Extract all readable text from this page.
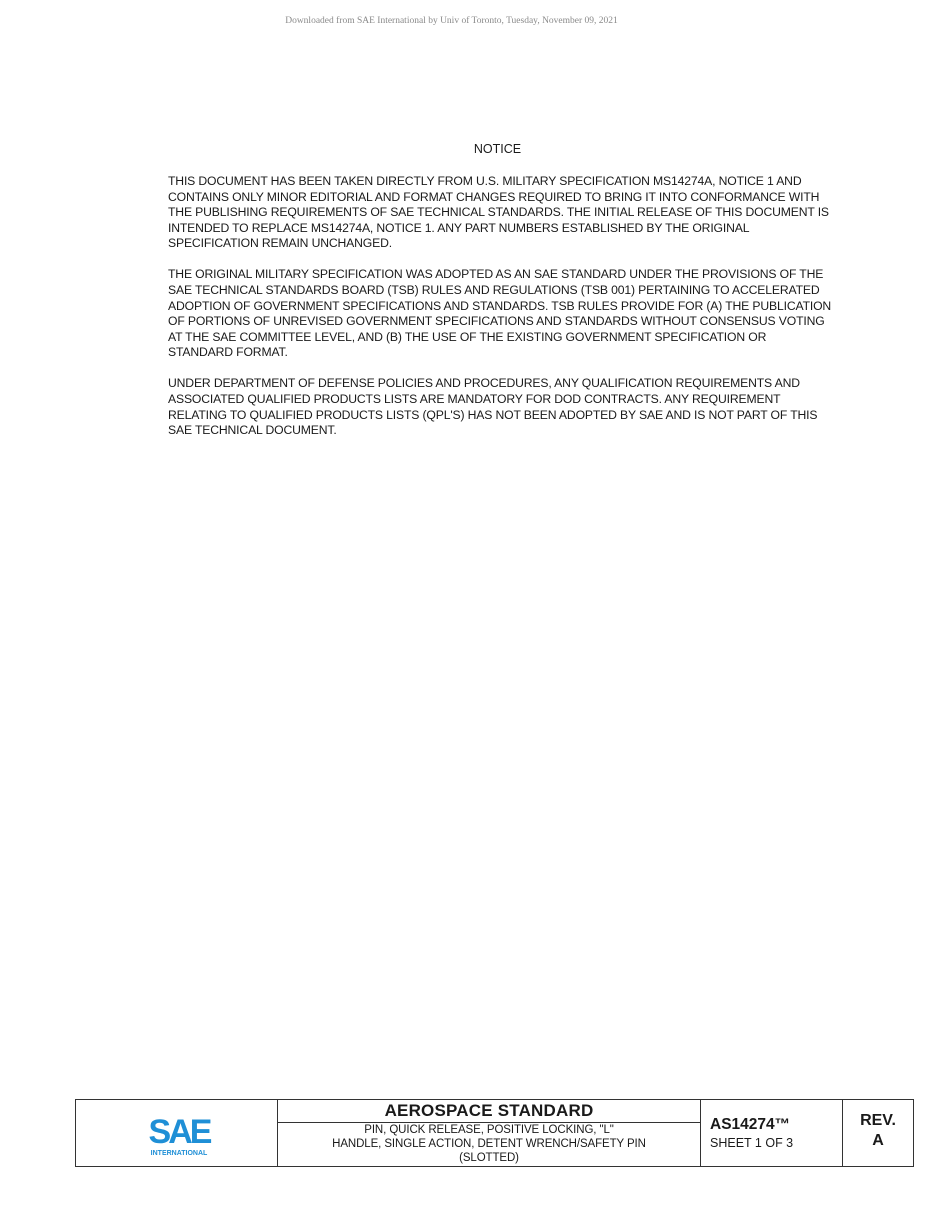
Downloaded from SAE International by Univ of Toronto, Tuesday, November 09, 2021
NOTICE

THIS DOCUMENT HAS BEEN TAKEN DIRECTLY FROM U.S. MILITARY SPECIFICATION MS14274A, NOTICE 1 AND CONTAINS ONLY MINOR EDITORIAL AND FORMAT CHANGES REQUIRED TO BRING IT INTO CONFORMANCE WITH THE PUBLISHING REQUIREMENTS OF SAE TECHNICAL STANDARDS. THE INITIAL RELEASE OF THIS DOCUMENT IS INTENDED TO REPLACE MS14274A, NOTICE 1. ANY PART NUMBERS ESTABLISHED BY THE ORIGINAL SPECIFICATION REMAIN UNCHANGED.

THE ORIGINAL MILITARY SPECIFICATION WAS ADOPTED AS AN SAE STANDARD UNDER THE PROVISIONS OF THE SAE TECHNICAL STANDARDS BOARD (TSB) RULES AND REGULATIONS (TSB 001) PERTAINING TO ACCELERATED ADOPTION OF GOVERNMENT SPECIFICATIONS AND STANDARDS. TSB RULES PROVIDE FOR (A) THE PUBLICATION OF PORTIONS OF UNREVISED GOVERNMENT SPECIFICATIONS AND STANDARDS WITHOUT CONSENSUS VOTING AT THE SAE COMMITTEE LEVEL, AND (B) THE USE OF THE EXISTING GOVERNMENT SPECIFICATION OR STANDARD FORMAT.

UNDER DEPARTMENT OF DEFENSE POLICIES AND PROCEDURES, ANY QUALIFICATION REQUIREMENTS AND ASSOCIATED QUALIFIED PRODUCTS LISTS ARE MANDATORY FOR DOD CONTRACTS. ANY REQUIREMENT RELATING TO QUALIFIED PRODUCTS LISTS (QPL'S) HAS NOT BEEN ADOPTED BY SAE AND IS NOT PART OF THIS SAE TECHNICAL DOCUMENT.

SAE
INTERNATIONAL
AEROSPACE STANDARD
PIN, QUICK RELEASE, POSITIVE LOCKING, "L"
HANDLE, SINGLE ACTION, DETENT WRENCH/SAFETY PIN
(SLOTTED)
AS14274™
SHEET 1 OF 3
REV.
A
